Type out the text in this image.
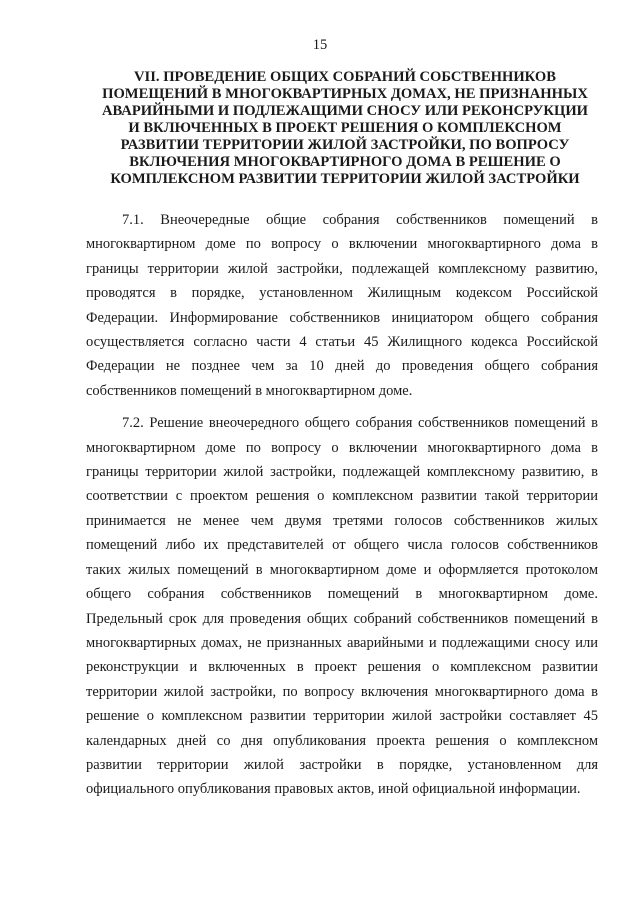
15
VII. ПРОВЕДЕНИЕ ОБЩИХ СОБРАНИЙ СОБСТВЕННИКОВ ПОМЕЩЕНИЙ В МНОГОКВАРТИРНЫХ ДОМАХ, НЕ ПРИЗНАННЫХ АВАРИЙНЫМИ И ПОДЛЕЖАЩИМИ СНОСУ ИЛИ РЕКОНСРУКЦИИ И ВКЛЮЧЕННЫХ В ПРОЕКТ РЕШЕНИЯ О КОМПЛЕКСНОМ РАЗВИТИИ ТЕРРИТОРИИ ЖИЛОЙ ЗАСТРОЙКИ, ПО ВОПРОСУ ВКЛЮЧЕНИЯ МНОГОКВАРТИРНОГО ДОМА В РЕШЕНИЕ О КОМПЛЕКСНОМ РАЗВИТИИ ТЕРРИТОРИИ ЖИЛОЙ ЗАСТРОЙКИ

7.1. Внеочередные общие собрания собственников помещений в многоквартирном доме по вопросу о включении многоквартирного дома в границы территории жилой застройки, подлежащей комплексному развитию, проводятся в порядке, установленном Жилищным кодексом Российской Федерации. Информирование собственников инициатором общего собрания осуществляется согласно части 4 статьи 45 Жилищного кодекса Российской Федерации не позднее чем за 10 дней до проведения общего собрания собственников помещений в многоквартирном доме.

7.2. Решение внеочередного общего собрания собственников помещений в многоквартирном доме по вопросу о включении многоквартирного дома в границы территории жилой застройки, подлежащей комплексному развитию, в соответствии с проектом решения о комплексном развитии такой территории принимается не менее чем двумя третями голосов собственников жилых помещений либо их представителей от общего числа голосов собственников таких жилых помещений в многоквартирном доме и оформляется протоколом общего собрания собственников помещений в многоквартирном доме. Предельный срок для проведения общих собраний собственников помещений в многоквартирных домах, не признанных аварийными и подлежащими сносу или реконструкции и включенных в проект решения о комплексном развитии территории жилой застройки, по вопросу включения многоквартирного дома в решение о комплексном развитии территории жилой застройки составляет 45 календарных дней со дня опубликования проекта решения о комплексном развитии территории жилой застройки в порядке, установленном для официального опубликования правовых актов, иной официальной информации.
